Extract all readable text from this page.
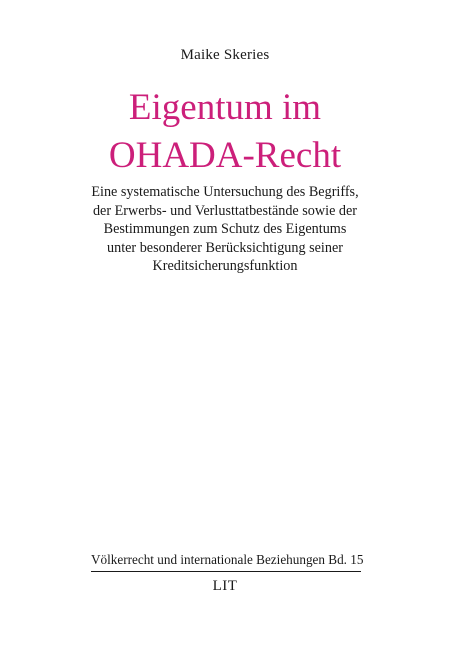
Maike Skeries
Eigentum im
OHADA-Recht
Eine systematische Untersuchung des Begriffs,
der Erwerbs- und Verlusttatbestände sowie der
Bestimmungen zum Schutz des Eigentums
unter besonderer Berücksichtigung seiner
Kreditsicherungsfunktion
Völkerrecht und internationale Beziehungen Bd. 15
LIT
